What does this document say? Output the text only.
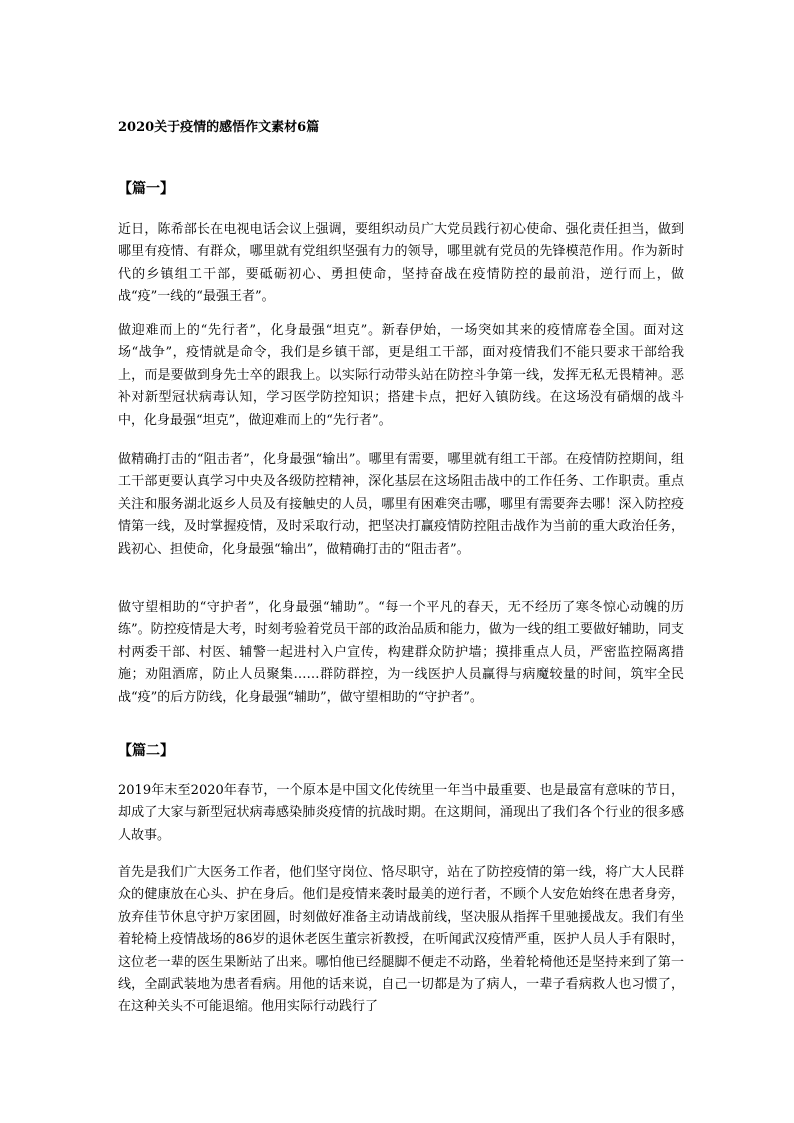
2020关于疫情的感悟作文素材6篇

【篇一】

近日，陈希部长在电视电话会议上强调，要组织动员广大党员践行初心使命、强化责任担当，做到哪里有疫情、有群众，哪里就有党组织坚强有力的领导，哪里就有党员的先锋模范作用。作为新时代的乡镇组工干部，要砥砺初心、勇担使命，坚持奋战在疫情防控的最前沿，逆行而上，做战“疫”一线的“最强王者”。

做迎难而上的“先行者”，化身最强“坦克”。新春伊始，一场突如其来的疫情席卷全国。面对这场“战争”，疫情就是命令，我们是乡镇干部，更是组工干部，面对疫情我们不能只要求干部给我上，而是要做到身先士卒的跟我上。以实际行动带头站在防控斗争第一线，发挥无私无畏精神。恶补对新型冠状病毒认知，学习医学防控知识；搭建卡点，把好入镇防线。在这场没有硝烟的战斗中，化身最强“坦克”，做迎难而上的“先行者”。

做精确打击的“阻击者”，化身最强“输出”。哪里有需要，哪里就有组工干部。在疫情防控期间，组工干部更要认真学习中央及各级防控精神，深化基层在这场阻击战中的工作任务、工作职责。重点关注和服务湖北返乡人员及有接触史的人员，哪里有困难突击哪，哪里有需要奔去哪！深入防控疫情第一线，及时掌握疫情，及时采取行动，把坚决打赢疫情防控阻击战作为当前的重大政治任务，践初心、担使命，化身最强“输出”，做精确打击的“阻击者”。

做守望相助的“守护者”，化身最强“辅助”。“每一个平凡的春天，无不经历了寒冬惊心动魄的历练”。防控疫情是大考，时刻考验着党员干部的政治品质和能力，做为一线的组工要做好辅助，同支村两委干部、村医、辅警一起进村入户宣传，构建群众防护墙；摸排重点人员，严密监控隔离措施；劝阻酒席，防止人员聚集……群防群控，为一线医护人员赢得与病魔较量的时间，筑牢全民战“疫”的后方防线，化身最强“辅助”，做守望相助的“守护者”。

【篇二】

2019年末至2020年春节，一个原本是中国文化传统里一年当中最重要、也是最富有意味的节日，却成了大家与新型冠状病毒感染肺炎疫情的抗战时期。在这期间，涌现出了我们各个行业的很多感人故事。

首先是我们广大医务工作者，他们坚守岗位、恪尽职守，站在了防控疫情的第一线，将广大人民群众的健康放在心头、护在身后。他们是疫情来袭时最美的逆行者，不顾个人安危始终在患者身旁，放弃佳节休息守护万家团圆，时刻做好准备主动请战前线，坚决服从指挥千里驰援战友。我们有坐着轮椅上疫情战场的86岁的退休老医生董宗祈教授，在听闻武汉疫情严重，医护人员人手有限时，这位老一辈的医生果断站了出来。哪怕他已经腿脚不便走不动路，坐着轮椅他还是坚持来到了第一线，全副武装地为患者看病。用他的话来说，自己一切都是为了病人，一辈子看病救人也习惯了，在这种关头不可能退缩。他用实际行动践行了
